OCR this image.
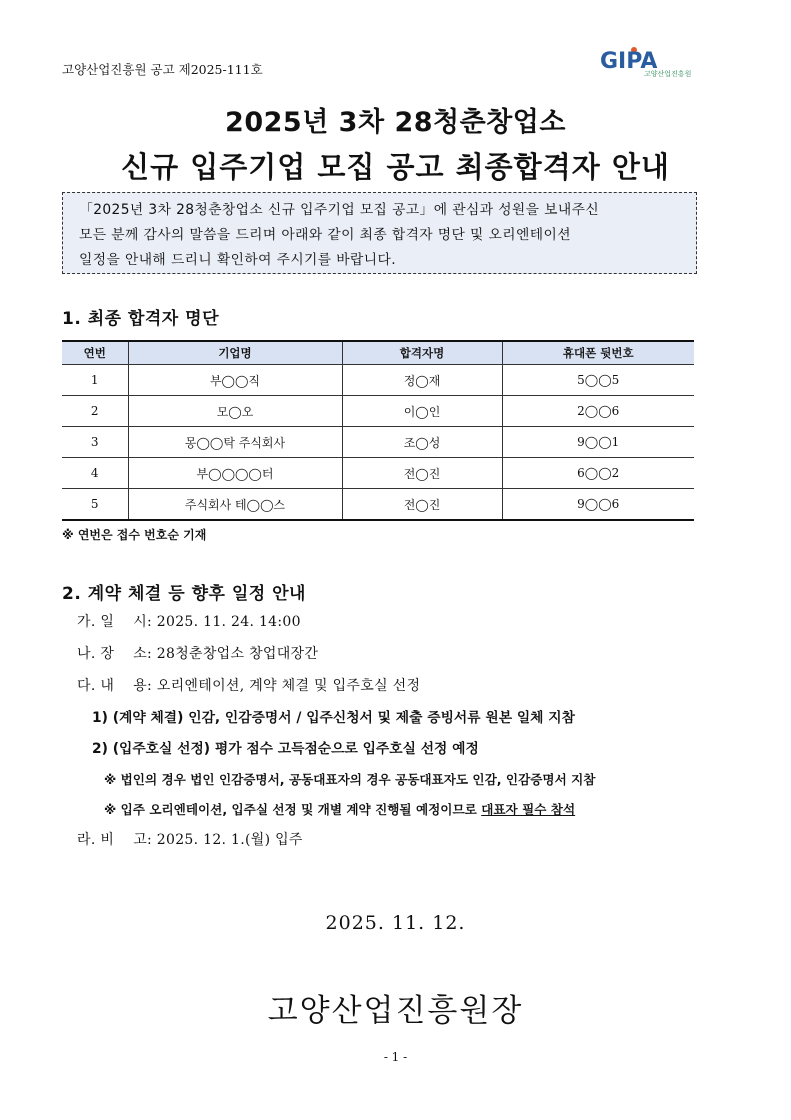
고양산업진흥원 공고 제2025-111호	GIPA
고양산업진흥원
2025년 3차 28청춘창업소
신규 입주기업 모집 공고 최종합격자 안내
「2025년 3차 28청춘창업소 신규 입주기업 모집 공고」에 관심과 성원을 보내주신
모든 분께 감사의 말씀을 드리며 아래와 같이 최종 합격자 명단 및 오리엔테이션
일정을 안내해 드리니 확인하여 주시기를 바랍니다.
1. 최종 합격자 명단
연번	기업명	합격자명	휴대폰 뒷번호
1	부◯◯직	정◯재	5◯◯5
2	모◯오	이◯인	2◯◯6
3	몽◯◯탁 주식회사	조◯성	9◯◯1
4	부◯◯◯◯터	전◯진	6◯◯2
5	주식회사 테◯◯스	전◯진	9◯◯6
※ 연번은 접수 번호순 기재
2. 계약 체결 등 향후 일정 안내
가. 일　 시: 2025. 11. 24. 14:00
나. 장　 소: 28청춘창업소 창업대장간
다. 내　 용: 오리엔테이션, 계약 체결 및 입주호실 선정
1) (계약 체결) 인감, 인감증명서 / 입주신청서 및 제출 증빙서류 원본 일체 지참
2) (입주호실 선정) 평가 점수 고득점순으로 입주호실 선정 예정
※ 법인의 경우 법인 인감증명서, 공동대표자의 경우 공동대표자도 인감, 인감증명서 지참
※ 입주 오리엔테이션, 입주실 선정 및 개별 계약 진행될 예정이므로 대표자 필수 참석
라. 비　 고: 2025. 12. 1.(월) 입주
2025. 11. 12.
고양산업진흥원장
- 1 -
